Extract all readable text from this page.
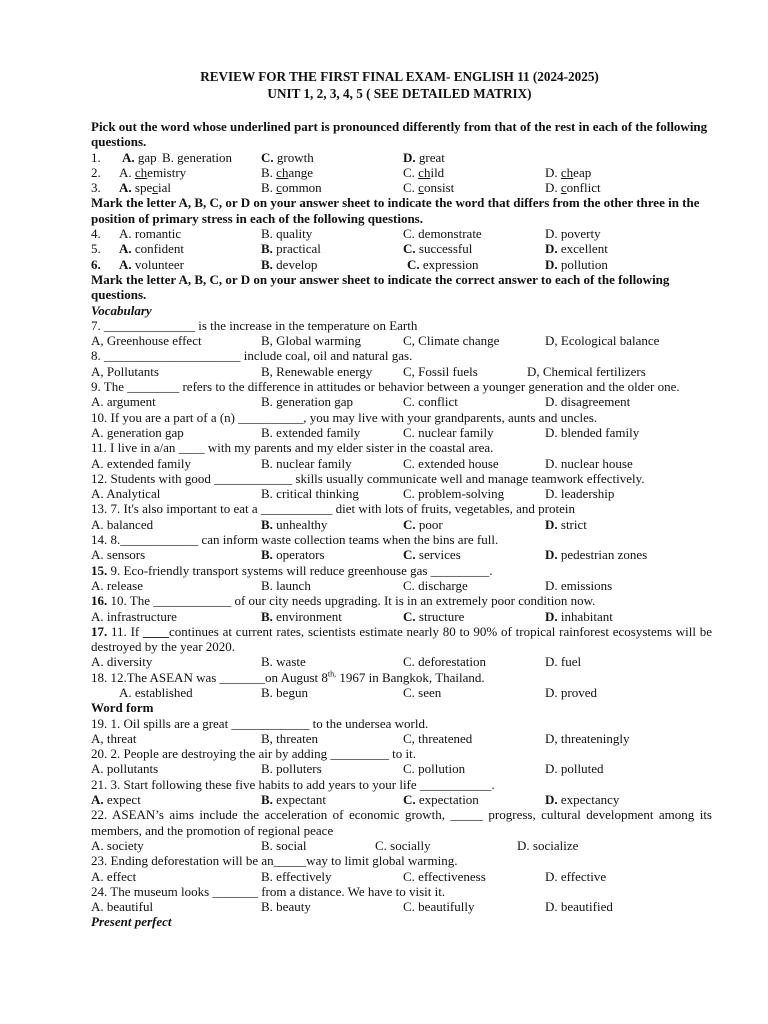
REVIEW FOR THE FIRST FINAL EXAM- ENGLISH 11 (2024-2025)
UNIT 1, 2, 3, 4, 5 ( SEE DETAILED MATRIX)
Pick out the word whose underlined part is pronounced differently from that of the rest in each of the following questions.
1.	A. gap B. generation C. growth	D. great
2.	A. chemistry	B. change	C. child	D. cheap
3.	A. special	B. common	C. consist	D. conflict
Mark the letter A, B, C, or D on your answer sheet to indicate the word that differs from the other three in the position of primary stress in each of the following questions.
4.	A. romantic	B. quality	C. demonstrate	D. poverty
5.	A. confident	B. practical	C. successful	D. excellent
6.	A. volunteer	B. develop	C. expression	D. pollution
Mark the letter A, B, C, or D on your answer sheet to indicate the correct answer to each of the following questions.
Vocabulary
7. ______________ is the increase in the temperature on Earth
A, Greenhouse effect	B, Global warming	C, Climate change	D, Ecological balance
8. _____________________ include coal, oil and natural gas.
A, Pollutants	B, Renewable energy C, Fossil fuels	D, Chemical fertilizers
9. The ________ refers to the difference in attitudes or behavior between a younger generation and the older one.
A. argument	B. generation gap	C. conflict	D. disagreement
10. If you are a part of a (n) __________, you may live with your grandparents, aunts and uncles.
A. generation gap	B. extended family	C. nuclear family	D. blended family
11. I live in a/an ____ with my parents and my elder sister in the coastal area.
A. extended family	B. nuclear family	C. extended house	D. nuclear house
12. Students with good ____________ skills usually communicate well and manage teamwork effectively.
A. Analytical	B. critical thinking	C. problem-solving	D. leadership
13. 7. It's also important to eat a ___________ diet with lots of fruits, vegetables, and protein
A. balanced	B. unhealthy	C. poor	D. strict
14. 8.____________ can inform waste collection teams when the bins are full.
A. sensors	B. operators	C. services	D. pedestrian zones
15. 9. Eco-friendly transport systems will reduce greenhouse gas _________.
A. release	B. launch	C. discharge	D. emissions
16. 10. The ____________ of our city needs upgrading. It is in an extremely poor condition now.
A. infrastructure	B. environment	C. structure	D. inhabitant
17. 11. If ____continues at current rates, scientists estimate nearly 80 to 90% of tropical rainforest ecosystems will be destroyed by the year 2020.
A. diversity	B. waste	C. deforestation	D. fuel
18. 12.The ASEAN was _______on August $8^{th,}$ 1967 in Bangkok, Thailand.
A. established	B. begun	C. seen	D. proved
Word form
19. 1. Oil spills are a great ____________ to the undersea world.
A, threat	B, threaten	C, threatened	D, threateningly
20. 2. People are destroying the air by adding _________ to it.
A. pollutants	B. polluters	C. pollution	D. polluted
21. 3. Start following these five habits to add years to your life ___________.
A. expect	B. expectant	C. expectation	D. expectancy
22. ASEAN’s aims include the acceleration of economic growth, _____ progress, cultural development among its members, and the promotion of regional peace
A. society	B. social	C. socially	D. socialize
23. Ending deforestation will be an_____way to limit global warming.
A. effect	B. effectively	C. effectiveness	D. effective
24. The museum looks _______ from a distance. We have to visit it.
A. beautiful	B. beauty	C. beautifully	D. beautified
Present perfect
